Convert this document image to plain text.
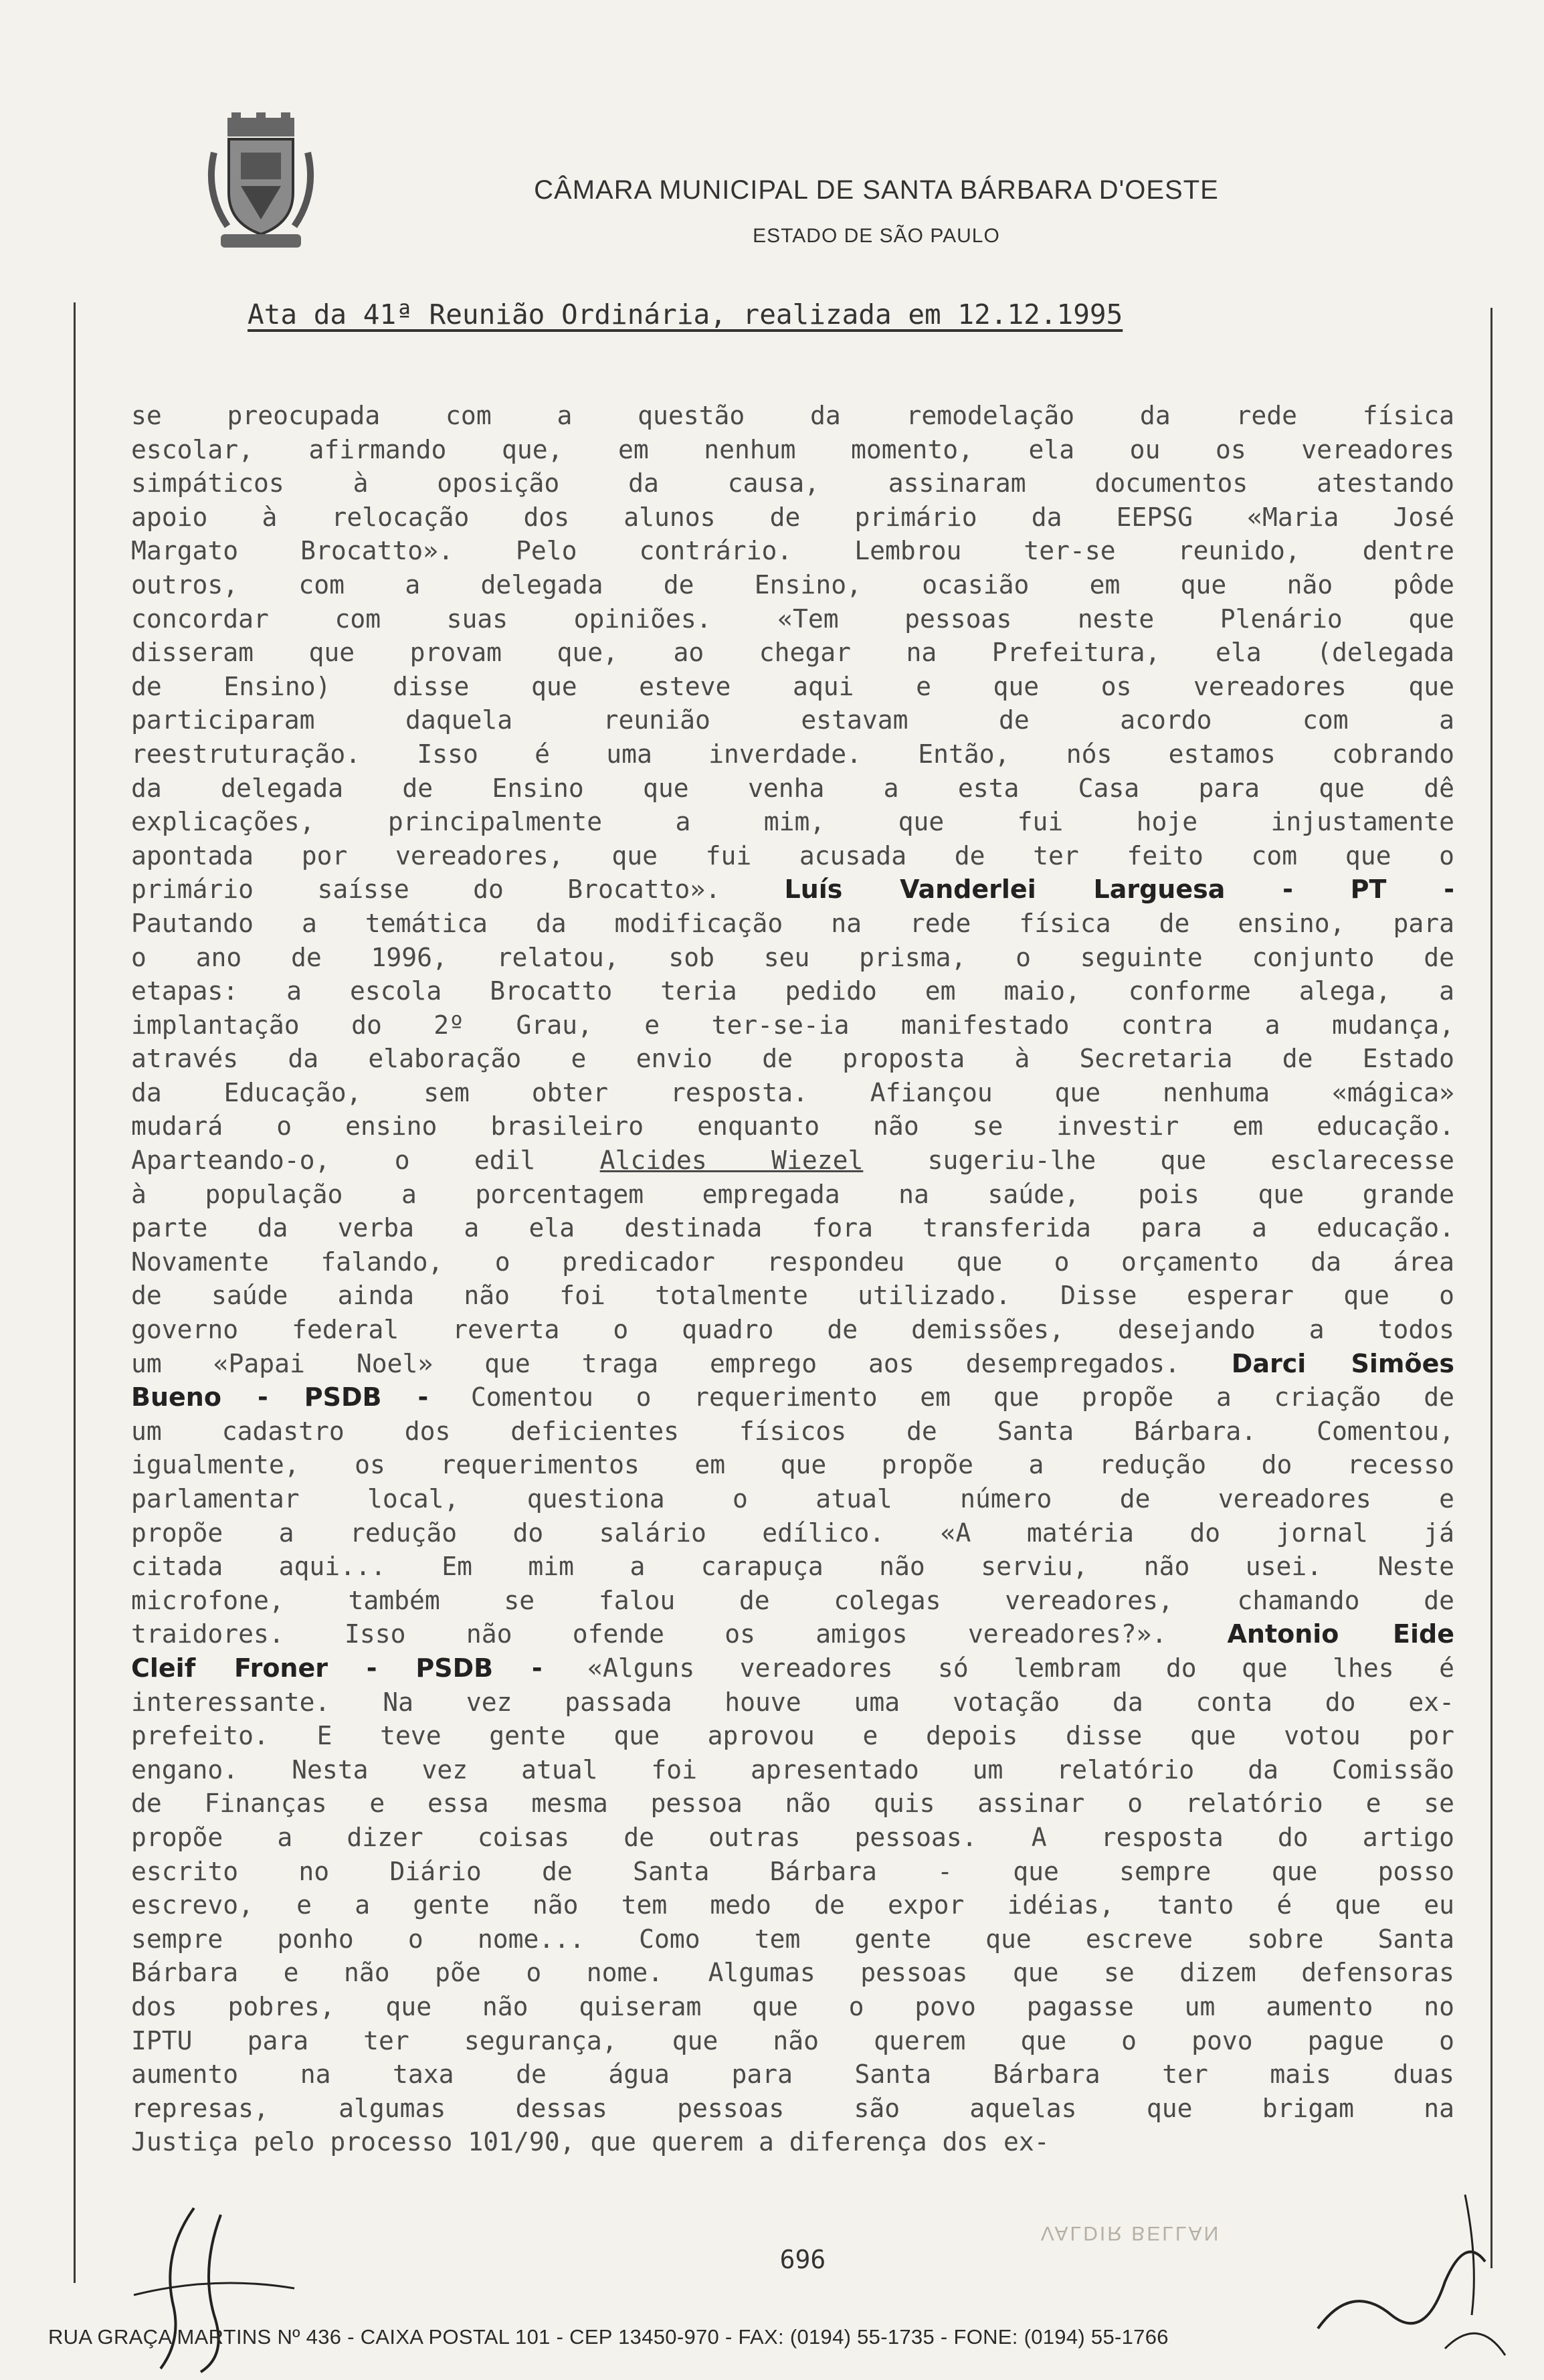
CÂMARA MUNICIPAL DE SANTA BÁRBARA D'OESTE
ESTADO DE SÃO PAULO
Ata da 41ª Reunião Ordinária, realizada em 12.12.1995
se preocupada com a questão da remodelação da rede física
escolar, afirmando que, em nenhum momento, ela ou os vereadores
simpáticos à oposição da causa, assinaram documentos atestando
apoio à relocação dos alunos de primário da EEPSG «Maria José
Margato Brocatto». Pelo contrário. Lembrou ter-se reunido, dentre
outros, com a delegada de Ensino, ocasião em que não pôde
concordar com suas opiniões. «Tem pessoas neste Plenário que
disseram que provam que, ao chegar na Prefeitura, ela (delegada
de Ensino) disse que esteve aqui e que os vereadores que
participaram daquela reunião estavam de acordo com a
reestruturação. Isso é uma inverdade. Então, nós estamos cobrando
da delegada de Ensino que venha a esta Casa para que dê
explicações, principalmente a mim, que fui hoje injustamente
apontada por vereadores, que fui acusada de ter feito com que o
primário saísse do Brocatto». Luís Vanderlei Larguesa - PT -
Pautando a temática da modificação na rede física de ensino, para
o ano de 1996, relatou, sob seu prisma, o seguinte conjunto de
etapas: a escola Brocatto teria pedido em maio, conforme alega, a
implantação do 2º Grau, e ter-se-ia manifestado contra a mudança,
através da elaboração e envio de proposta à Secretaria de Estado
da Educação, sem obter resposta. Afiançou que nenhuma «mágica»
mudará o ensino brasileiro enquanto não se investir em educação.
Aparteando-o, o edil Alcides Wiezel sugeriu-lhe que esclarecesse
à população a porcentagem empregada na saúde, pois que grande
parte da verba a ela destinada fora transferida para a educação.
Novamente falando, o predicador respondeu que o orçamento da área
de saúde ainda não foi totalmente utilizado. Disse esperar que o
governo federal reverta o quadro de demissões, desejando a todos
um «Papai Noel» que traga emprego aos desempregados. Darci Simões
Bueno - PSDB - Comentou o requerimento em que propõe a criação de
um cadastro dos deficientes físicos de Santa Bárbara. Comentou,
igualmente, os requerimentos em que propõe a redução do recesso
parlamentar local, questiona o atual número de vereadores e
propõe a redução do salário edílico. «A matéria do jornal já
citada aqui... Em mim a carapuça não serviu, não usei. Neste
microfone, também se falou de colegas vereadores, chamando de
traidores. Isso não ofende os amigos vereadores?». Antonio Eide
Cleif Froner - PSDB - «Alguns vereadores só lembram do que lhes é
interessante. Na vez passada houve uma votação da conta do ex-
prefeito. E teve gente que aprovou e depois disse que votou por
engano. Nesta vez atual foi apresentado um relatório da Comissão
de Finanças e essa mesma pessoa não quis assinar o relatório e se
propõe a dizer coisas de outras pessoas. A resposta do artigo
escrito no Diário de Santa Bárbara - que sempre que posso
escrevo, e a gente não tem medo de expor idéias, tanto é que eu
sempre ponho o nome... Como tem gente que escreve sobre Santa
Bárbara e não põe o nome. Algumas pessoas que se dizem defensoras
dos pobres, que não quiseram que o povo pagasse um aumento no
IPTU para ter segurança, que não querem que o povo pague o
aumento na taxa de água para Santa Bárbara ter mais duas
represas, algumas dessas pessoas são aquelas que brigam na
Justiça pelo processo 101/90, que querem a diferença dos ex-
VALDIR BELLAN
696
RUA GRAÇA MARTINS Nº 436 - CAIXA POSTAL 101 - CEP 13450-970 - FAX: (0194) 55-1735 - FONE: (0194) 55-1766
